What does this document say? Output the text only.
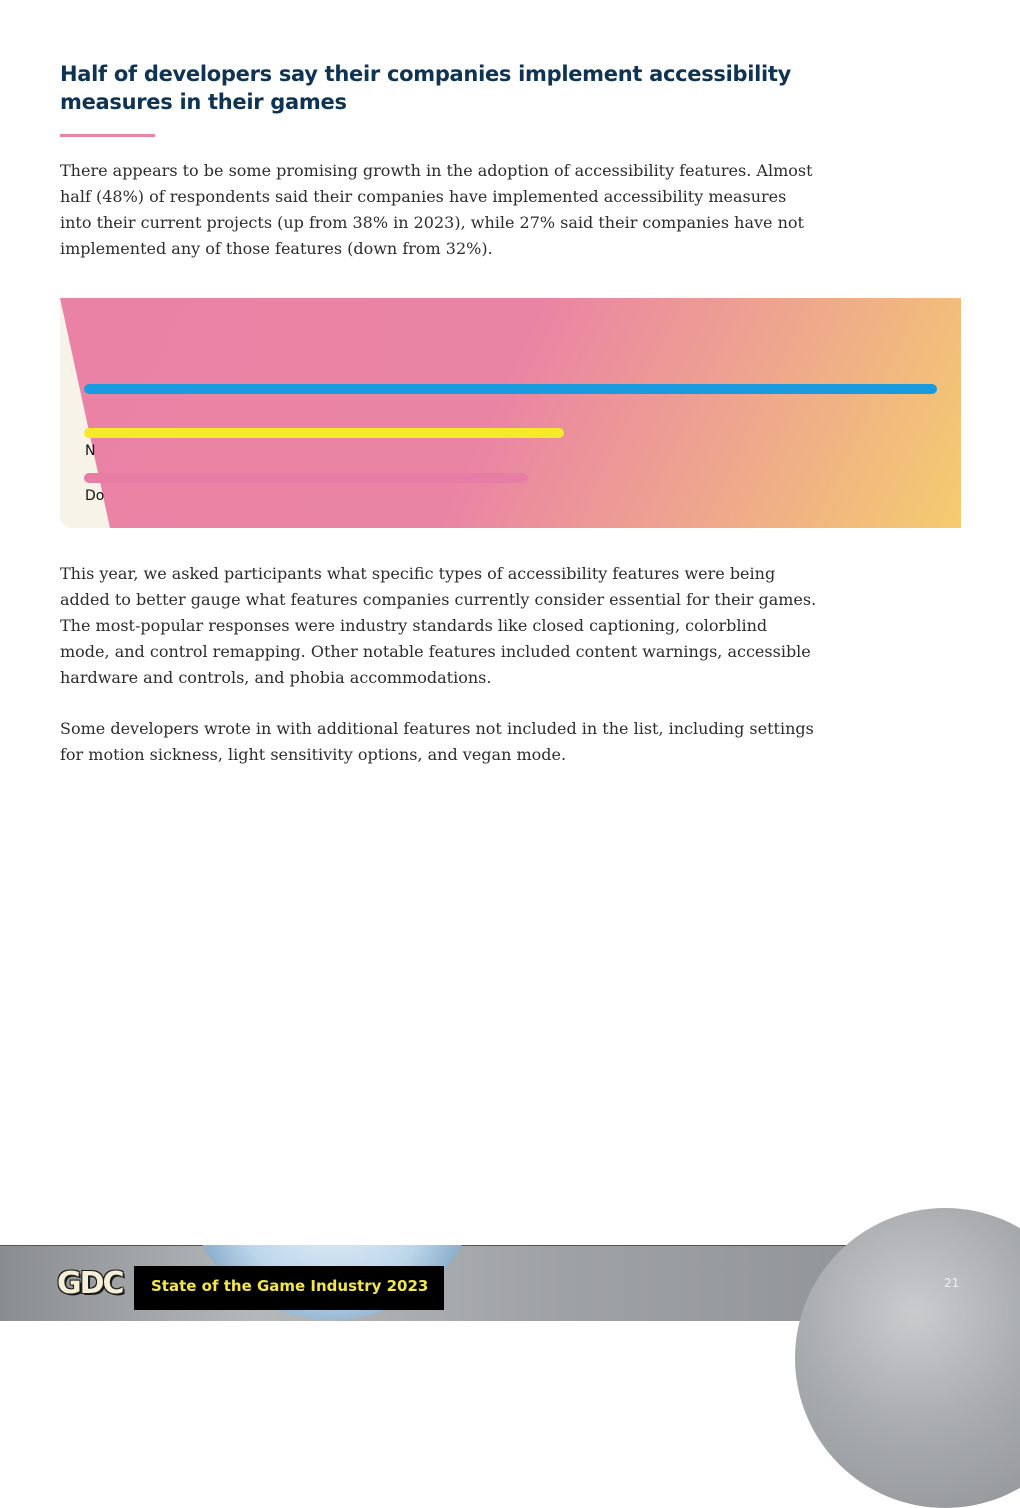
Half of developers say their companies implement accessibility measures in their games

There appears to be some promising growth in the adoption of accessibility features. Almost half (48%) of respondents said their companies have implemented accessibility measures into their current projects (up from 38% in 2023), while 27% said their companies have not implemented any of those features (down from 32%).

N
Do

This year, we asked participants what specific types of accessibility features were being added to better gauge what features companies currently consider essential for their games. The most-popular responses were industry standards like closed captioning, colorblind mode, and control remapping. Other notable features included content warnings, accessible hardware and controls, and phobia accommodations.

Some developers wrote in with additional features not included in the list, including settings for motion sickness, light sensitivity options, and vegan mode.

GDC	State of the Game Industry 2023	21
